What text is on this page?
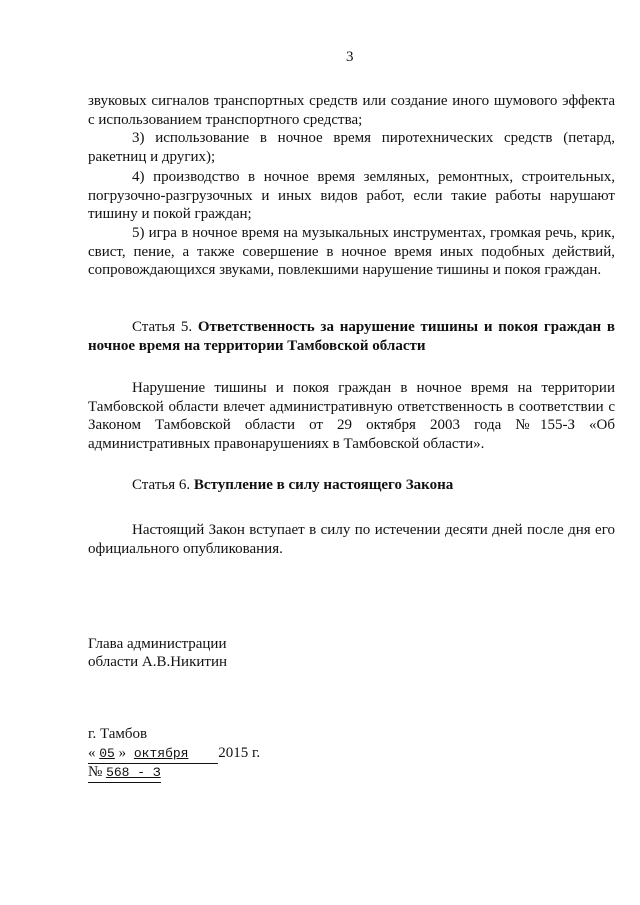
3

звуковых сигналов транспортных средств или создание иного шумового эффекта с использованием транспортного средства;

3) использование в ночное время пиротехнических средств (петард, ракетниц и других);

4) производство в ночное время земляных, ремонтных, строительных, погрузочно-разгрузочных и иных видов работ, если такие работы нарушают тишину и покой граждан;

5) игра в ночное время на музыкальных инструментах, громкая речь, крик, свист, пение, а также совершение в ночное время иных подобных действий, сопровождающихся звуками, повлекшими нарушение тишины и покоя граждан.

Статья 5. Ответственность за нарушение тишины и покоя граждан в ночное время на территории Тамбовской области

Нарушение тишины и покоя граждан в ночное время на территории Тамбовской области влечет административную ответственность в соответствии с Законом Тамбовской области от 29 октября 2003 года №155-З «Об административных правонарушениях в Тамбовской области».

Статья 6. Вступление в силу настоящего Закона

Настоящий Закон вступает в силу по истечении десяти дней после дня его официального опубликования.

Глава администрации
области А.В.Никитин
г. Тамбов
« 05 » октября 2015 г.
№ 568 - З
